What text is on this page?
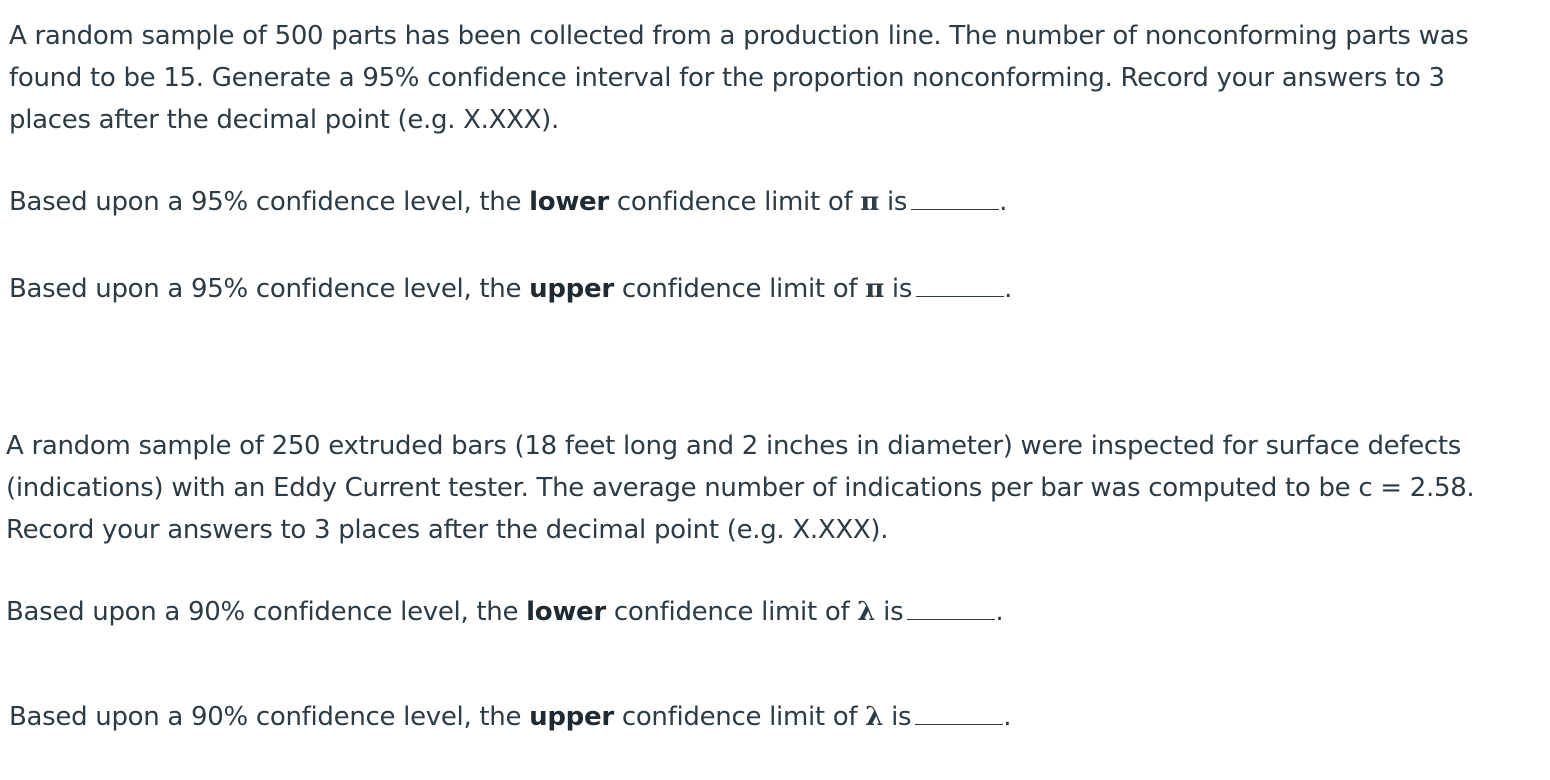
A random sample of 500 parts has been collected from a production line. The number of nonconforming parts was
found to be 15. Generate a 95% confidence interval for the proportion nonconforming. Record your answers to 3
places after the decimal point (e.g. X.XXX).

Based upon a 95% confidence level, the lower confidence limit of π is	.

Based upon a 95% confidence level, the upper confidence limit of π is	.

A random sample of 250 extruded bars (18 feet long and 2 inches in diameter) were inspected for surface defects
(indications) with an Eddy Current tester. The average number of indications per bar was computed to be c = 2.58.
Record your answers to 3 places after the decimal point (e.g. X.XXX).

Based upon a 90% confidence level, the lower confidence limit of λ is	.

Based upon a 90% confidence level, the upper confidence limit of λ is	.
